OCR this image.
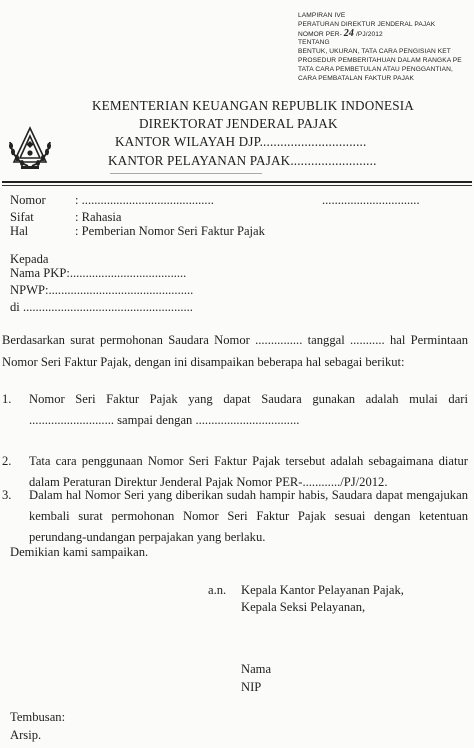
LAMPIRAN IVE
PERATURAN DIREKTUR JENDERAL PAJAK
NOMOR PER- 24 /PJ/2012
TENTANG
BENTUK, UKURAN, TATA CARA PENGISIAN KET
PROSEDUR PEMBERITAHUAN DALAM RANGKA PE
TATA CARA PEMBETULAN ATAU PENGGANTIAN,
CARA PEMBATALAN FAKTUR PAJAK
KEMENTERIAN KEUANGAN REPUBLIK INDONESIA
DIREKTORAT JENDERAL PAJAK
KANTOR WILAYAH DJP...............................
KANTOR PELAYANAN PAJAK.........................
............................................................................
Nomor : ..........................................	...............................
Sifat	: Rahasia
Hal	: Pemberian Nomor Seri Faktur Pajak
Kepada
Nama PKP:.....................................
NPWP:..............................................
di ......................................................
Berdasarkan surat permohonan Saudara Nomor ............... tanggal ........... hal Permintaan Nomor Seri Faktur Pajak, dengan ini disampaikan beberapa hal sebagai berikut:
1. Nomor Seri Faktur Pajak yang dapat Saudara gunakan adalah mulai dari ........................... sampai dengan .................................
2. Tata cara penggunaan Nomor Seri Faktur Pajak tersebut adalah sebagaimana diatur dalam Peraturan Direktur Jenderal Pajak Nomor PER-............/PJ/2012.
3. Dalam hal Nomor Seri yang diberikan sudah hampir habis, Saudara dapat mengajukan kembali surat permohonan Nomor Seri Faktur Pajak sesuai dengan ketentuan perundang-undangan perpajakan yang berlaku.
Demikian kami sampaikan.
a.n. Kepala Kantor Pelayanan Pajak,
Kepala Seksi Pelayanan,
Nama
NIP
Tembusan:
Arsip.
